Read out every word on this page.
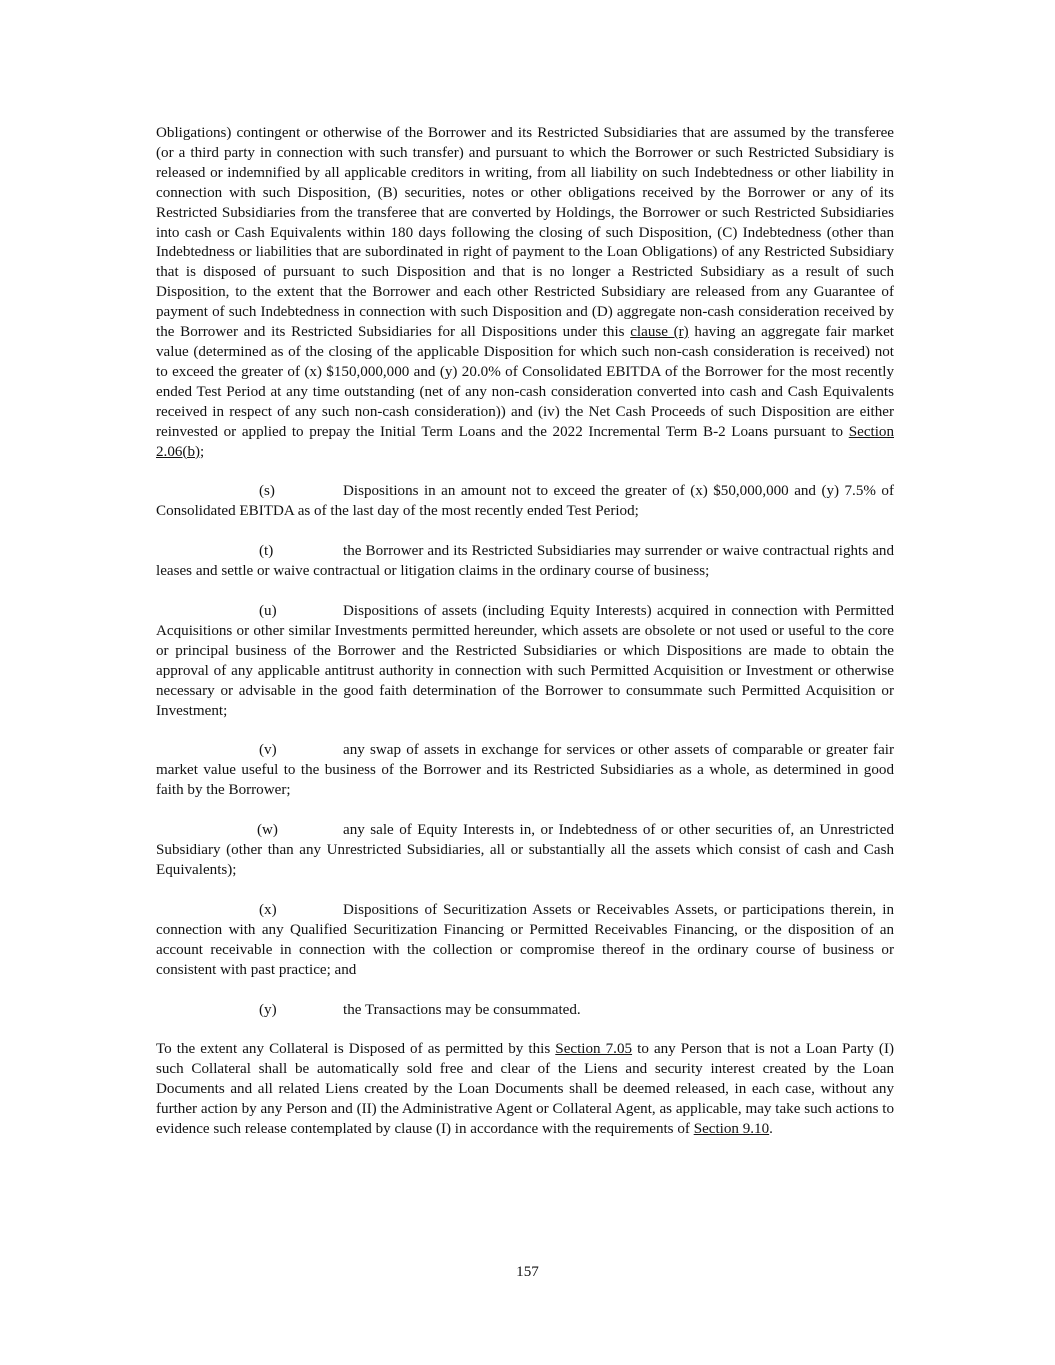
Obligations) contingent or otherwise of the Borrower and its Restricted Subsidiaries that are assumed by the transferee (or a third party in connection with such transfer) and pursuant to which the Borrower or such Restricted Subsidiary is released or indemnified by all applicable creditors in writing, from all liability on such Indebtedness or other liability in connection with such Disposition, (B) securities, notes or other obligations received by the Borrower or any of its Restricted Subsidiaries from the transferee that are converted by Holdings, the Borrower or such Restricted Subsidiaries into cash or Cash Equivalents within 180 days following the closing of such Disposition, (C) Indebtedness (other than Indebtedness or liabilities that are subordinated in right of payment to the Loan Obligations) of any Restricted Subsidiary that is disposed of pursuant to such Disposition and that is no longer a Restricted Subsidiary as a result of such Disposition, to the extent that the Borrower and each other Restricted Subsidiary are released from any Guarantee of payment of such Indebtedness in connection with such Disposition and (D) aggregate non-cash consideration received by the Borrower and its Restricted Subsidiaries for all Dispositions under this clause (r) having an aggregate fair market value (determined as of the closing of the applicable Disposition for which such non-cash consideration is received) not to exceed the greater of (x) $150,000,000 and (y) 20.0% of Consolidated EBITDA of the Borrower for the most recently ended Test Period at any time outstanding (net of any non-cash consideration converted into cash and Cash Equivalents received in respect of any such non-cash consideration)) and (iv) the Net Cash Proceeds of such Disposition are either reinvested or applied to prepay the Initial Term Loans and the 2022 Incremental Term B-2 Loans pursuant to Section 2.06(b);

(s)	Dispositions in an amount not to exceed the greater of (x) $50,000,000 and (y) 7.5% of Consolidated EBITDA as of the last day of the most recently ended Test Period;

(t)	the Borrower and its Restricted Subsidiaries may surrender or waive contractual rights and leases and settle or waive contractual or litigation claims in the ordinary course of business;

(u)	Dispositions of assets (including Equity Interests) acquired in connection with Permitted Acquisitions or other similar Investments permitted hereunder, which assets are obsolete or not used or useful to the core or principal business of the Borrower and the Restricted Subsidiaries or which Dispositions are made to obtain the approval of any applicable antitrust authority in connection with such Permitted Acquisition or Investment or otherwise necessary or advisable in the good faith determination of the Borrower to consummate such Permitted Acquisition or Investment;

(v)	any swap of assets in exchange for services or other assets of comparable or greater fair market value useful to the business of the Borrower and its Restricted Subsidiaries as a whole, as determined in good faith by the Borrower;

(w)	any sale of Equity Interests in, or Indebtedness of or other securities of, an Unrestricted Subsidiary (other than any Unrestricted Subsidiaries, all or substantially all the assets which consist of cash and Cash Equivalents);

(x)	Dispositions of Securitization Assets or Receivables Assets, or participations therein, in connection with any Qualified Securitization Financing or Permitted Receivables Financing, or the disposition of an account receivable in connection with the collection or compromise thereof in the ordinary course of business or consistent with past practice; and

(y)	the Transactions may be consummated.

To the extent any Collateral is Disposed of as permitted by this Section 7.05 to any Person that is not a Loan Party (I) such Collateral shall be automatically sold free and clear of the Liens and security interest created by the Loan Documents and all related Liens created by the Loan Documents shall be deemed released, in each case, without any further action by any Person and (II) the Administrative Agent or Collateral Agent, as applicable, may take such actions to evidence such release contemplated by clause (I) in accordance with the requirements of Section 9.10.

157
